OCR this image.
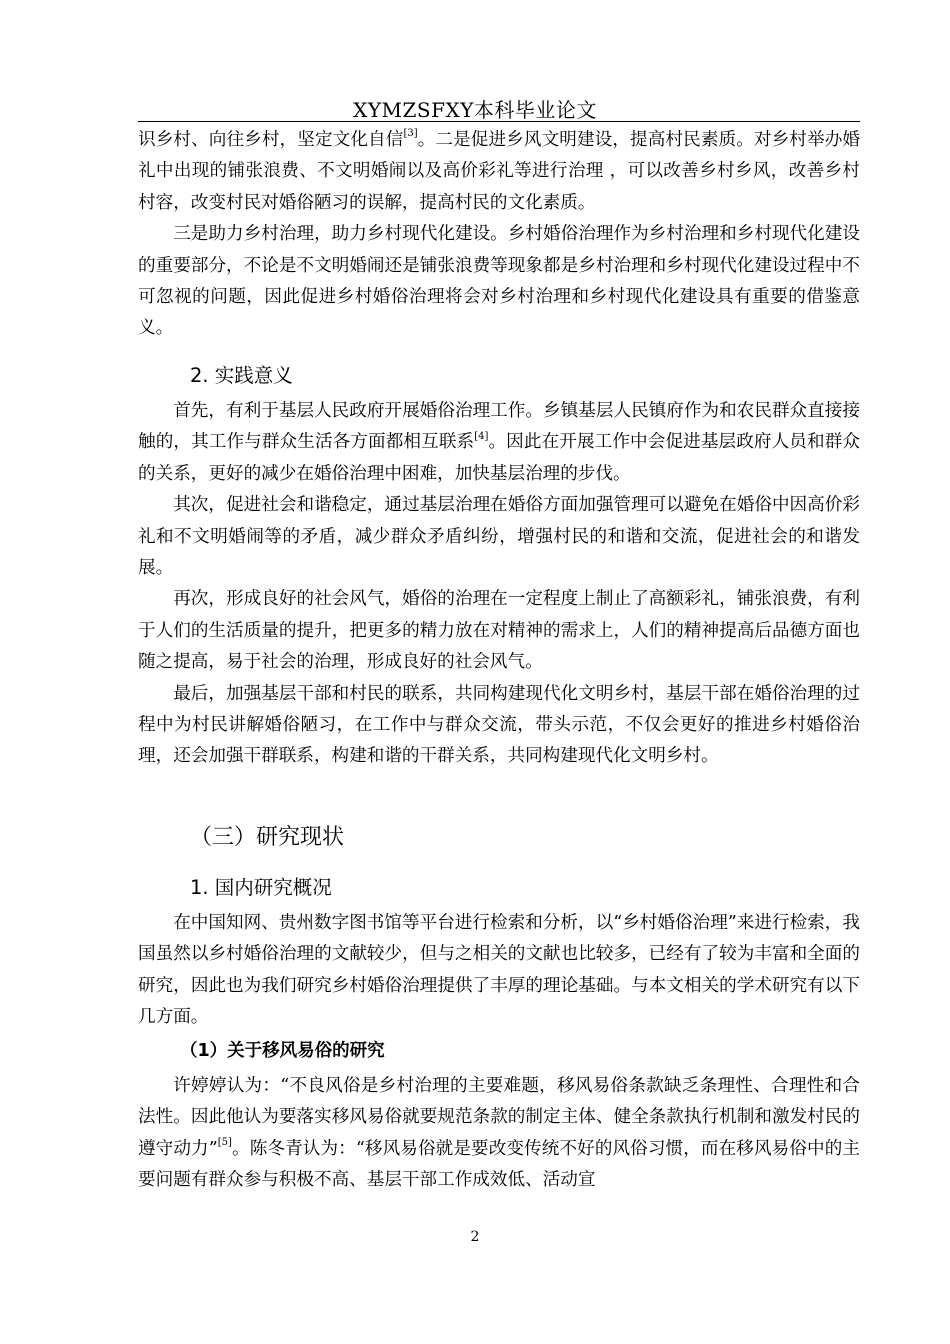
XYMZSFXY本科毕业论文

识乡村、向往乡村，坚定文化自信[3]。二是促进乡风文明建设，提高村民素质。对乡村举办婚礼中出现的铺张浪费、不文明婚闹以及高价彩礼等进行治理 ，可以改善乡村乡风，改善乡村村容，改变村民对婚俗陋习的误解，提高村民的文化素质。

三是助力乡村治理，助力乡村现代化建设。乡村婚俗治理作为乡村治理和乡村现代化建设的重要部分，不论是不文明婚闹还是铺张浪费等现象都是乡村治理和乡村现代化建设过程中不可忽视的问题，因此促进乡村婚俗治理将会对乡村治理和乡村现代化建设具有重要的借鉴意义。

2. 实践意义

首先，有利于基层人民政府开展婚俗治理工作。乡镇基层人民镇府作为和农民群众直接接触的，其工作与群众生活各方面都相互联系[4]。因此在开展工作中会促进基层政府人员和群众的关系，更好的减少在婚俗治理中困难，加快基层治理的步伐。

其次，促进社会和谐稳定，通过基层治理在婚俗方面加强管理可以避免在婚俗中因高价彩礼和不文明婚闹等的矛盾，减少群众矛盾纠纷，增强村民的和谐和交流，促进社会的和谐发展。

再次，形成良好的社会风气，婚俗的治理在一定程度上制止了高额彩礼，铺张浪费，有利于人们的生活质量的提升，把更多的精力放在对精神的需求上，人们的精神提高后品德方面也随之提高，易于社会的治理，形成良好的社会风气。

最后，加强基层干部和村民的联系，共同构建现代化文明乡村，基层干部在婚俗治理的过程中为村民讲解婚俗陋习，在工作中与群众交流，带头示范，不仅会更好的推进乡村婚俗治理，还会加强干群联系，构建和谐的干群关系，共同构建现代化文明乡村。

（三）研究现状
1. 国内研究概况

在中国知网、贵州数字图书馆等平台进行检索和分析，以“乡村婚俗治理”来进行检索，我国虽然以乡村婚俗治理的文献较少，但与之相关的文献也比较多，已经有了较为丰富和全面的研究，因此也为我们研究乡村婚俗治理提供了丰厚的理论基础。与本文相关的学术研究有以下几方面。

（1）关于移风易俗的研究

许婷婷认为：“不良风俗是乡村治理的主要难题，移风易俗条款缺乏条理性、合理性和合法性。因此他认为要落实移风易俗就要规范条款的制定主体、健全条款执行机制和激发村民的遵守动力”[5]。陈冬青认为：“移风易俗就是要改变传统不好的风俗习惯，而在移风易俗中的主要问题有群众参与积极不高、基层干部工作成效低、活动宣

2
